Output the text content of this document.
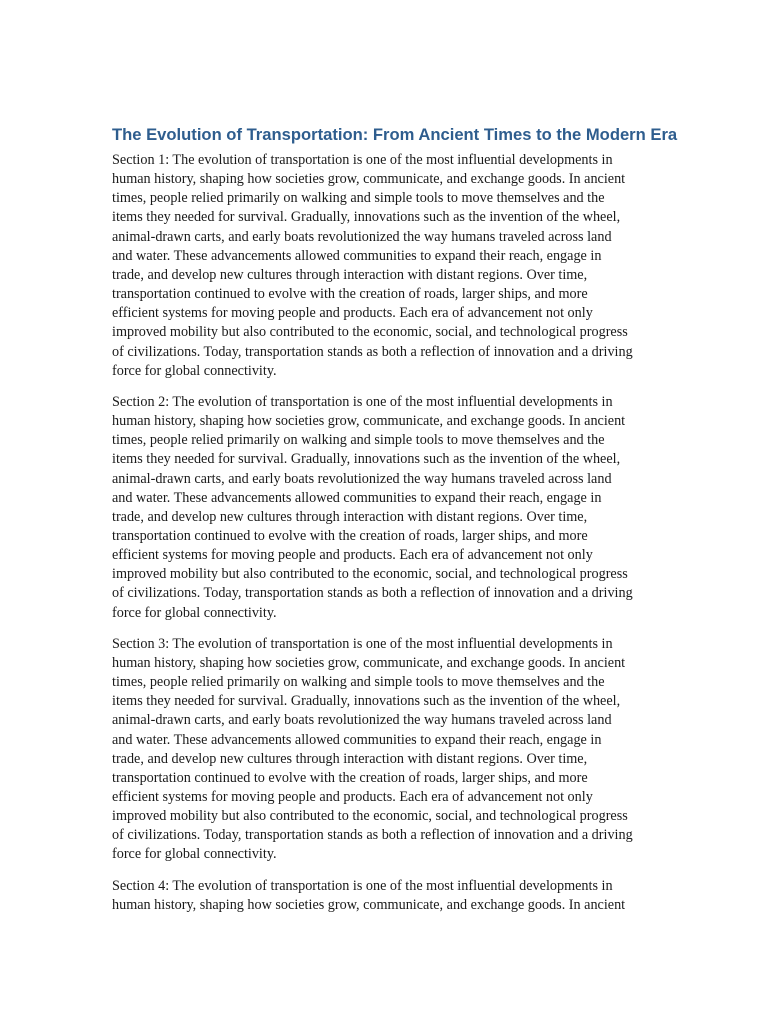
The Evolution of Transportation: From Ancient Times to the Modern Era

Section 1: The evolution of transportation is one of the most influential developments in
human history, shaping how societies grow, communicate, and exchange goods. In ancient
times, people relied primarily on walking and simple tools to move themselves and the
items they needed for survival. Gradually, innovations such as the invention of the wheel,
animal-drawn carts, and early boats revolutionized the way humans traveled across land
and water. These advancements allowed communities to expand their reach, engage in
trade, and develop new cultures through interaction with distant regions. Over time,
transportation continued to evolve with the creation of roads, larger ships, and more
efficient systems for moving people and products. Each era of advancement not only
improved mobility but also contributed to the economic, social, and technological progress
of civilizations. Today, transportation stands as both a reflection of innovation and a driving
force for global connectivity.

Section 2: The evolution of transportation is one of the most influential developments in
human history, shaping how societies grow, communicate, and exchange goods. In ancient
times, people relied primarily on walking and simple tools to move themselves and the
items they needed for survival. Gradually, innovations such as the invention of the wheel,
animal-drawn carts, and early boats revolutionized the way humans traveled across land
and water. These advancements allowed communities to expand their reach, engage in
trade, and develop new cultures through interaction with distant regions. Over time,
transportation continued to evolve with the creation of roads, larger ships, and more
efficient systems for moving people and products. Each era of advancement not only
improved mobility but also contributed to the economic, social, and technological progress
of civilizations. Today, transportation stands as both a reflection of innovation and a driving
force for global connectivity.

Section 3: The evolution of transportation is one of the most influential developments in
human history, shaping how societies grow, communicate, and exchange goods. In ancient
times, people relied primarily on walking and simple tools to move themselves and the
items they needed for survival. Gradually, innovations such as the invention of the wheel,
animal-drawn carts, and early boats revolutionized the way humans traveled across land
and water. These advancements allowed communities to expand their reach, engage in
trade, and develop new cultures through interaction with distant regions. Over time,
transportation continued to evolve with the creation of roads, larger ships, and more
efficient systems for moving people and products. Each era of advancement not only
improved mobility but also contributed to the economic, social, and technological progress
of civilizations. Today, transportation stands as both a reflection of innovation and a driving
force for global connectivity.

Section 4: The evolution of transportation is one of the most influential developments in
human history, shaping how societies grow, communicate, and exchange goods. In ancient
